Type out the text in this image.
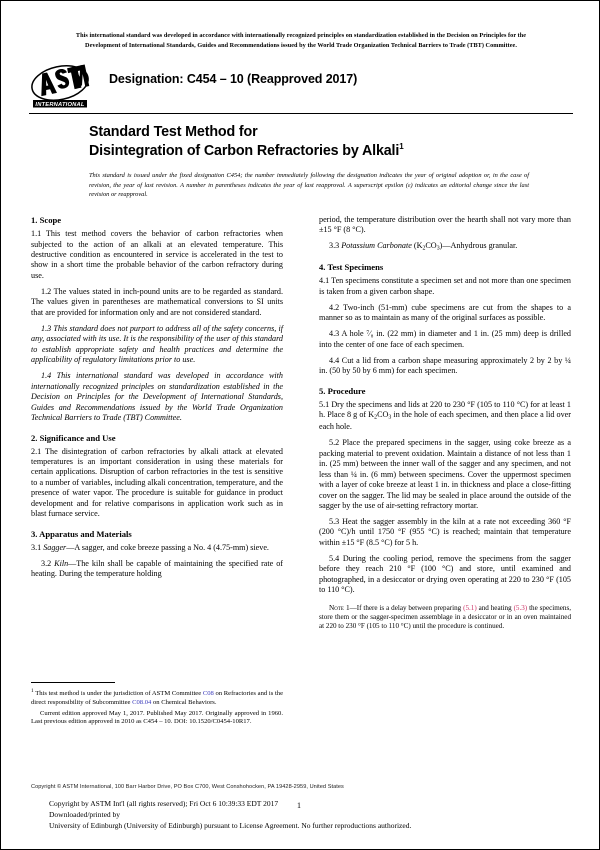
This international standard was developed in accordance with internationally recognized principles on standardization established in the Decision on Principles for the
Development of International Standards, Guides and Recommendations issued by the World Trade Organization Technical Barriers to Trade (TBT) Committee.
INTERNATIONAL
Designation: C454 – 10 (Reapproved 2017)
Standard Test Method for
Disintegration of Carbon Refractories by Alkali$^1$
This standard is issued under the fixed designation C454; the number immediately following the designation indicates the year of original adoption or, in the case of revision, the year of last revision. A number in parentheses indicates the year of last reapproval. A superscript epsilon (ε) indicates an editorial change since the last revision or reapproval.
1. Scope

1.1 This test method covers the behavior of carbon refractories when subjected to the action of an alkali at an elevated temperature. This destructive condition as encountered in service is accelerated in the test to show in a short time the probable behavior of the carbon refractory during use.

1.2 The values stated in inch-pound units are to be regarded as standard. The values given in parentheses are mathematical conversions to SI units that are provided for information only and are not considered standard.

1.3 This standard does not purport to address all of the safety concerns, if any, associated with its use. It is the responsibility of the user of this standard to establish appropriate safety and health practices and determine the applicability of regulatory limitations prior to use.

1.4 This international standard was developed in accordance with internationally recognized principles on standardization established in the Decision on Principles for the Development of International Standards, Guides and Recommendations issued by the World Trade Organization Technical Barriers to Trade (TBT) Committee.

2. Significance and Use

2.1 The disintegration of carbon refractories by alkali attack at elevated temperatures is an important consideration in using these materials for certain applications. Disruption of carbon refractories in the test is sensitive to a number of variables, including alkali concentration, temperature, and the presence of water vapor. The procedure is suitable for guidance in product development and for relative comparisons in application work such as in blast furnace service.

3. Apparatus and Materials

3.1 Sagger—A sagger, and coke breeze passing a No. 4 (4.75-mm) sieve.

3.2 Kiln—The kiln shall be capable of maintaining the specified rate of heating. During the temperature holding

period, the temperature distribution over the hearth shall not vary more than ±15 °F (8 °C).

3.3 Potassium Carbonate $(K_2CO_3)—Anhydrous$ granular.

4. Test Specimens

4.1 Ten specimens constitute a specimen set and not more than one specimen is taken from a given carbon shape.

4.2 Two-inch (51-mm) cube specimens are cut from the shapes to a manner so as to maintain as many of the original surfaces as possible.

4.3 A hole ⁷⁄₈ in. (22 mm) in diameter and 1 in. (25 mm) deep is drilled into the center of one face of each specimen.

4.4 Cut a lid from a carbon shape measuring approximately 2 by 2 by ¼ in. (50 by 50 by 6 mm) for each specimen.

5. Procedure

5.1 Dry the specimens and lids at 220 to 230 °F (105 to 110 °C) for at least 1 h. Place 8 g of $K_2CO_3$ in the hole of each specimen, and then place a lid over each hole.

5.2 Place the prepared specimens in the sagger, using coke breeze as a packing material to prevent oxidation. Maintain a distance of not less than 1 in. (25 mm) between the inner wall of the sagger and any specimen, and not less than ¼ in. (6 mm) between specimens. Cover the uppermost specimen with a layer of coke breeze at least 1 in. in thickness and place a close-fitting cover on the sagger. The lid may be sealed in place around the outside of the sagger by the use of air-setting refractory mortar.

5.3 Heat the sagger assembly in the kiln at a rate not exceeding 360 °F (200 °C)/h until 1750 °F (955 °C) is reached; maintain that temperature within ±15 °F (8.5 °C) for 5 h.

5.4 During the cooling period, remove the specimens from the sagger before they reach 210 °F (100 °C) and store, until examined and photographed, in a desiccator or drying oven operating at 220 to 230 °F (105 to 110 °C).

Note 1—If there is a delay between preparing (5.1) and heating (5.3) the specimens, store them or the sagger-specimen assemblage in a desiccator or in an oven maintained at 220 to 230 °F (105 to 110 °C) until the procedure is continued.

$^1$ This test method is under the jurisdiction of ASTM Committee C08 on Refractories and is the direct responsibility of Subcommittee C08.04 on Chemical Behaviors.

Current edition approved May 1, 2017. Published May 2017. Originally approved in 1960. Last previous edition approved in 2010 as C454 – 10. DOI: 10.1520/C0454-10R17.

Copyright © ASTM International, 100 Barr Harbor Drive, PO Box C700, West Conshohocken, PA 19428-2959, United States
Copyright by ASTM Int'l (all rights reserved); Fri Oct 6 10:39:33 EDT 2017
Downloaded/printed by
University of Edinburgh (University of Edinburgh) pursuant to License Agreement. No further reproductions authorized.
1
